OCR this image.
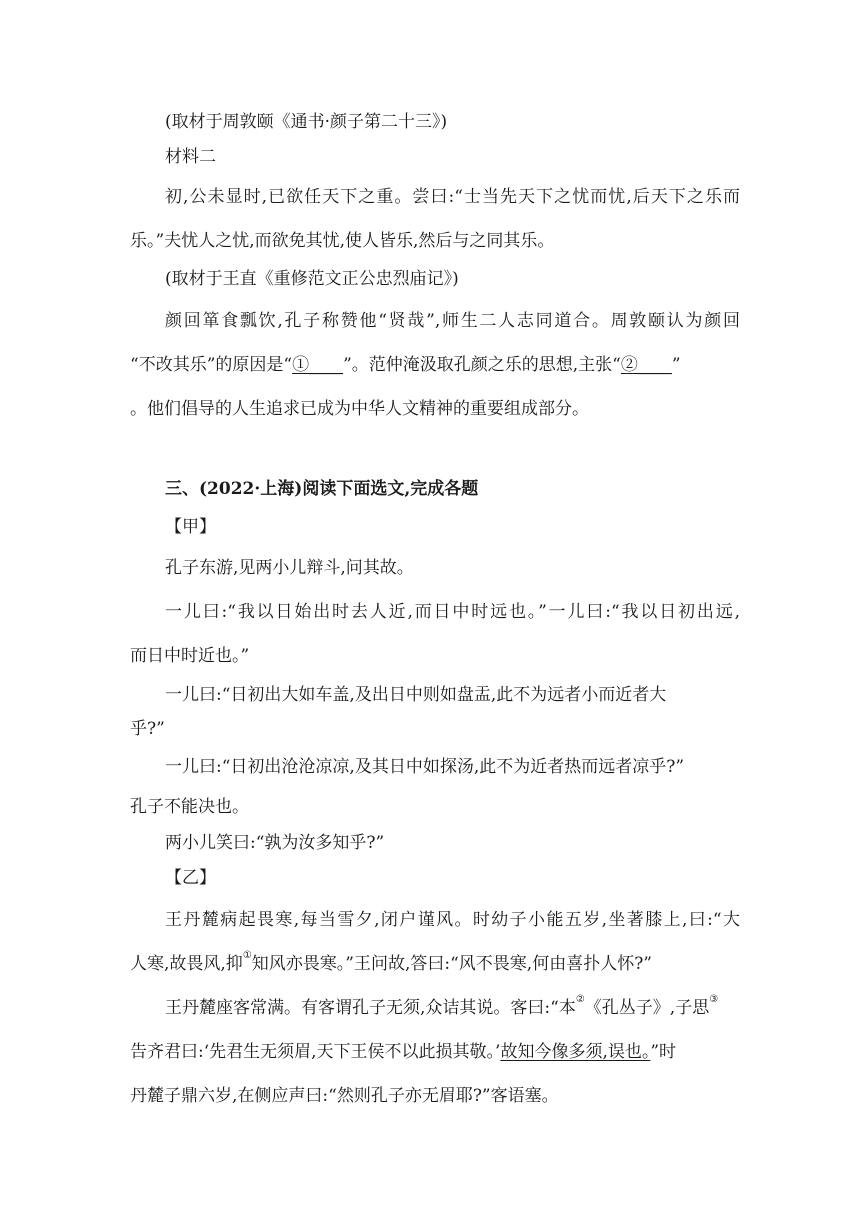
(取材于周敦颐《通书·颜子第二十三》)
材料二
初,公未显时,已欲任天下之重。尝曰:“士当先天下之忧而忧,后天下之乐而
乐。”夫忧人之忧,而欲免其忧,使人皆乐,然后与之同其乐。
(取材于王直《重修范文正公忠烈庙记》)
颜回箪食瓢饮,孔子称赞他“贤哉”,师生二人志同道合。周敦颐认为颜回
“不改其乐”的原因是“①____”。范仲淹汲取孔颜之乐的思想,主张“②____”
。他们倡导的人生追求已成为中华人文精神的重要组成部分。
三、(2022·上海)阅读下面选文,完成各题
【甲】
孔子东游,见两小儿辩斗,问其故。
一儿曰:“我以日始出时去人近,而日中时远也。”一儿曰:“我以日初出远,
而日中时近也。”
一儿曰:“日初出大如车盖,及出日中则如盘盂,此不为远者小而近者大
乎?”
一儿曰:“日初出沧沧凉凉,及其日中如探汤,此不为近者热而远者凉乎?”
孔子不能决也。
两小儿笑曰:“孰为汝多知乎?”
【乙】
王丹麓病起畏寒,每当雪夕,闭户谨风。时幼子小能五岁,坐著膝上,曰:“大
人寒,故畏风,抑①知风亦畏寒。”王问故,答曰:“风不畏寒,何由喜扑人怀?”
王丹麓座客常满。有客谓孔子无须,众诘其说。客曰:“本②《孔丛子》,子思③
告齐君曰:‘先君生无须眉,天下王侯不以此损其敬。’故知今像多须,误也。”时
丹麓子鼎六岁,在侧应声曰:“然则孔子亦无眉耶?”客语塞。
